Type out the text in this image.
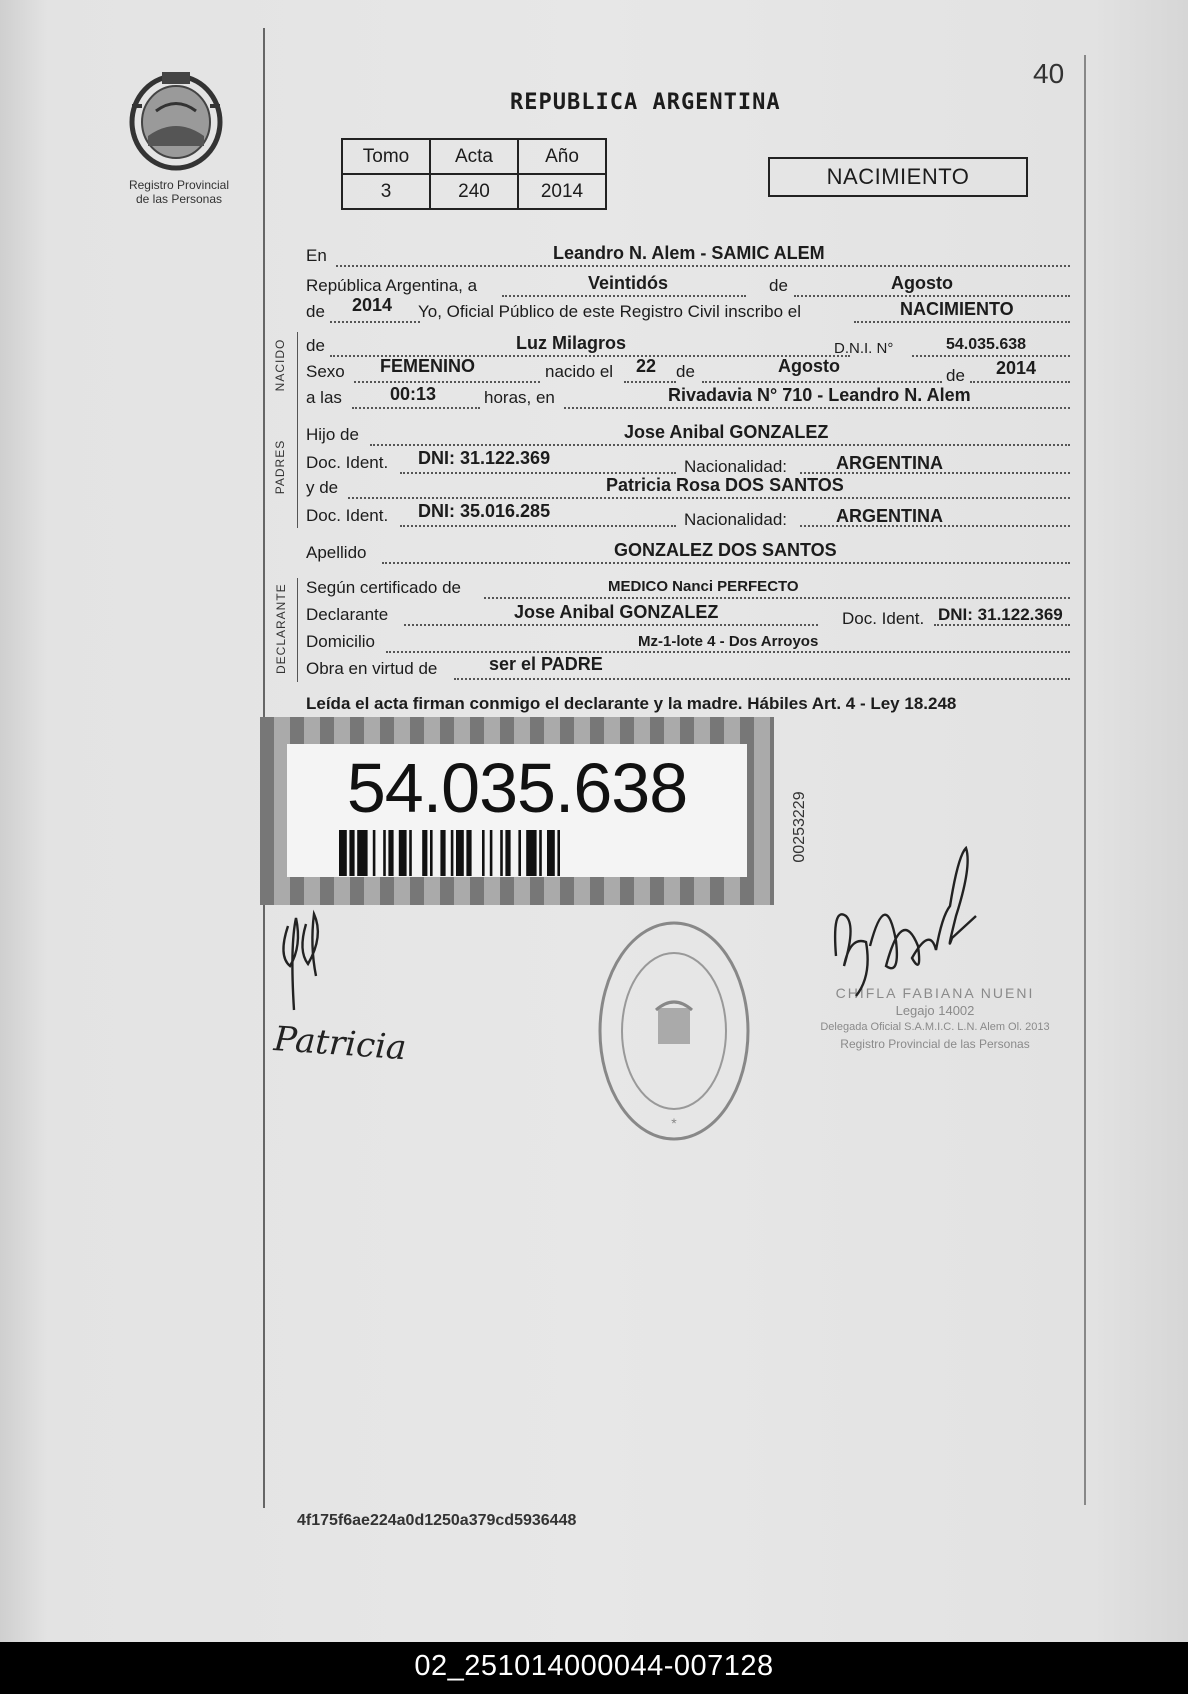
Registro Provincial
de las Personas
40
REPUBLICA ARGENTINA
Tomo	Acta	Año
3	240	2014
NACIMIENTO
NACIDO
PADRES
DECLARANTE
En	Leandro N. Alem - SAMIC ALEM
República Argentina, a	Veintidós	de	Agosto
de 2014 Yo, Oficial Público de este Registro Civil inscribo el	NACIMIENTO
de	Luz Milagros	D.N.I. N°	54.035.638
Sexo FEMENINO	nacido el 22 de	Agosto	de 2014
a las	00:13	horas, en	Rivadavia N° 710 - Leandro N. Alem
Hijo de	Jose Anibal GONZALEZ
Doc. Ident. DNI: 31.122.369	Nacionalidad:	ARGENTINA
y de	Patricia Rosa DOS SANTOS
Doc. Ident. DNI: 35.016.285	Nacionalidad:	ARGENTINA
Apellido	GONZALEZ DOS SANTOS
Según certificado de	MEDICO Nanci PERFECTO
Declarante	Jose Anibal GONZALEZ	Doc. Ident. DNI: 31.122.369
Domicilio	Mz-1-lote 4 - Dos Arroyos
Obra en virtud de	ser el PADRE
Leída el acta firman conmigo el declarante y la madre. Hábiles Art. 4 - Ley 18.248
54.035.638	00253229
*
CHIFLA FABIANA NUENI
Legajo 14002
Delegada Oficial S.A.M.I.C. L.N. Alem Ol. 2013
Registro Provincial de las Personas
Patricia
4f175f6ae224a0d1250a379cd5936448
02_251014000044-007128
